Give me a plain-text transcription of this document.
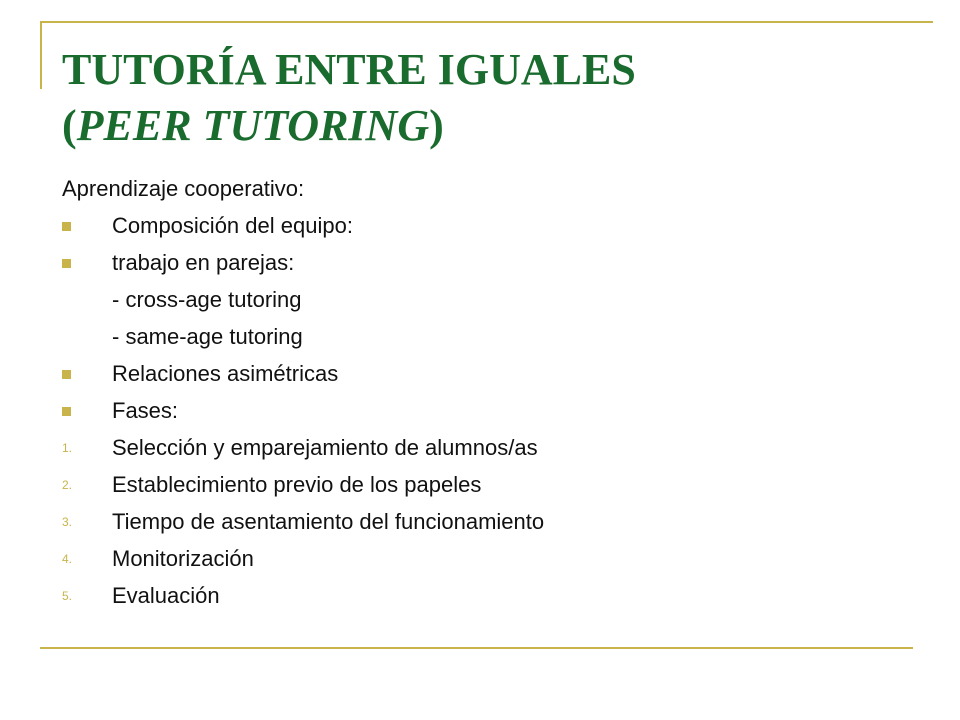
TUTORÍA ENTRE IGUALES
(PEER TUTORING)
Aprendizaje cooperativo:
Composición del equipo:
trabajo en parejas:
- cross-age tutoring
- same-age tutoring
Relaciones asimétricas
Fases:
1. Selección y emparejamiento de alumnos/as
2. Establecimiento previo de los papeles
3. Tiempo de asentamiento del funcionamiento
4. Monitorización
5. Evaluación
